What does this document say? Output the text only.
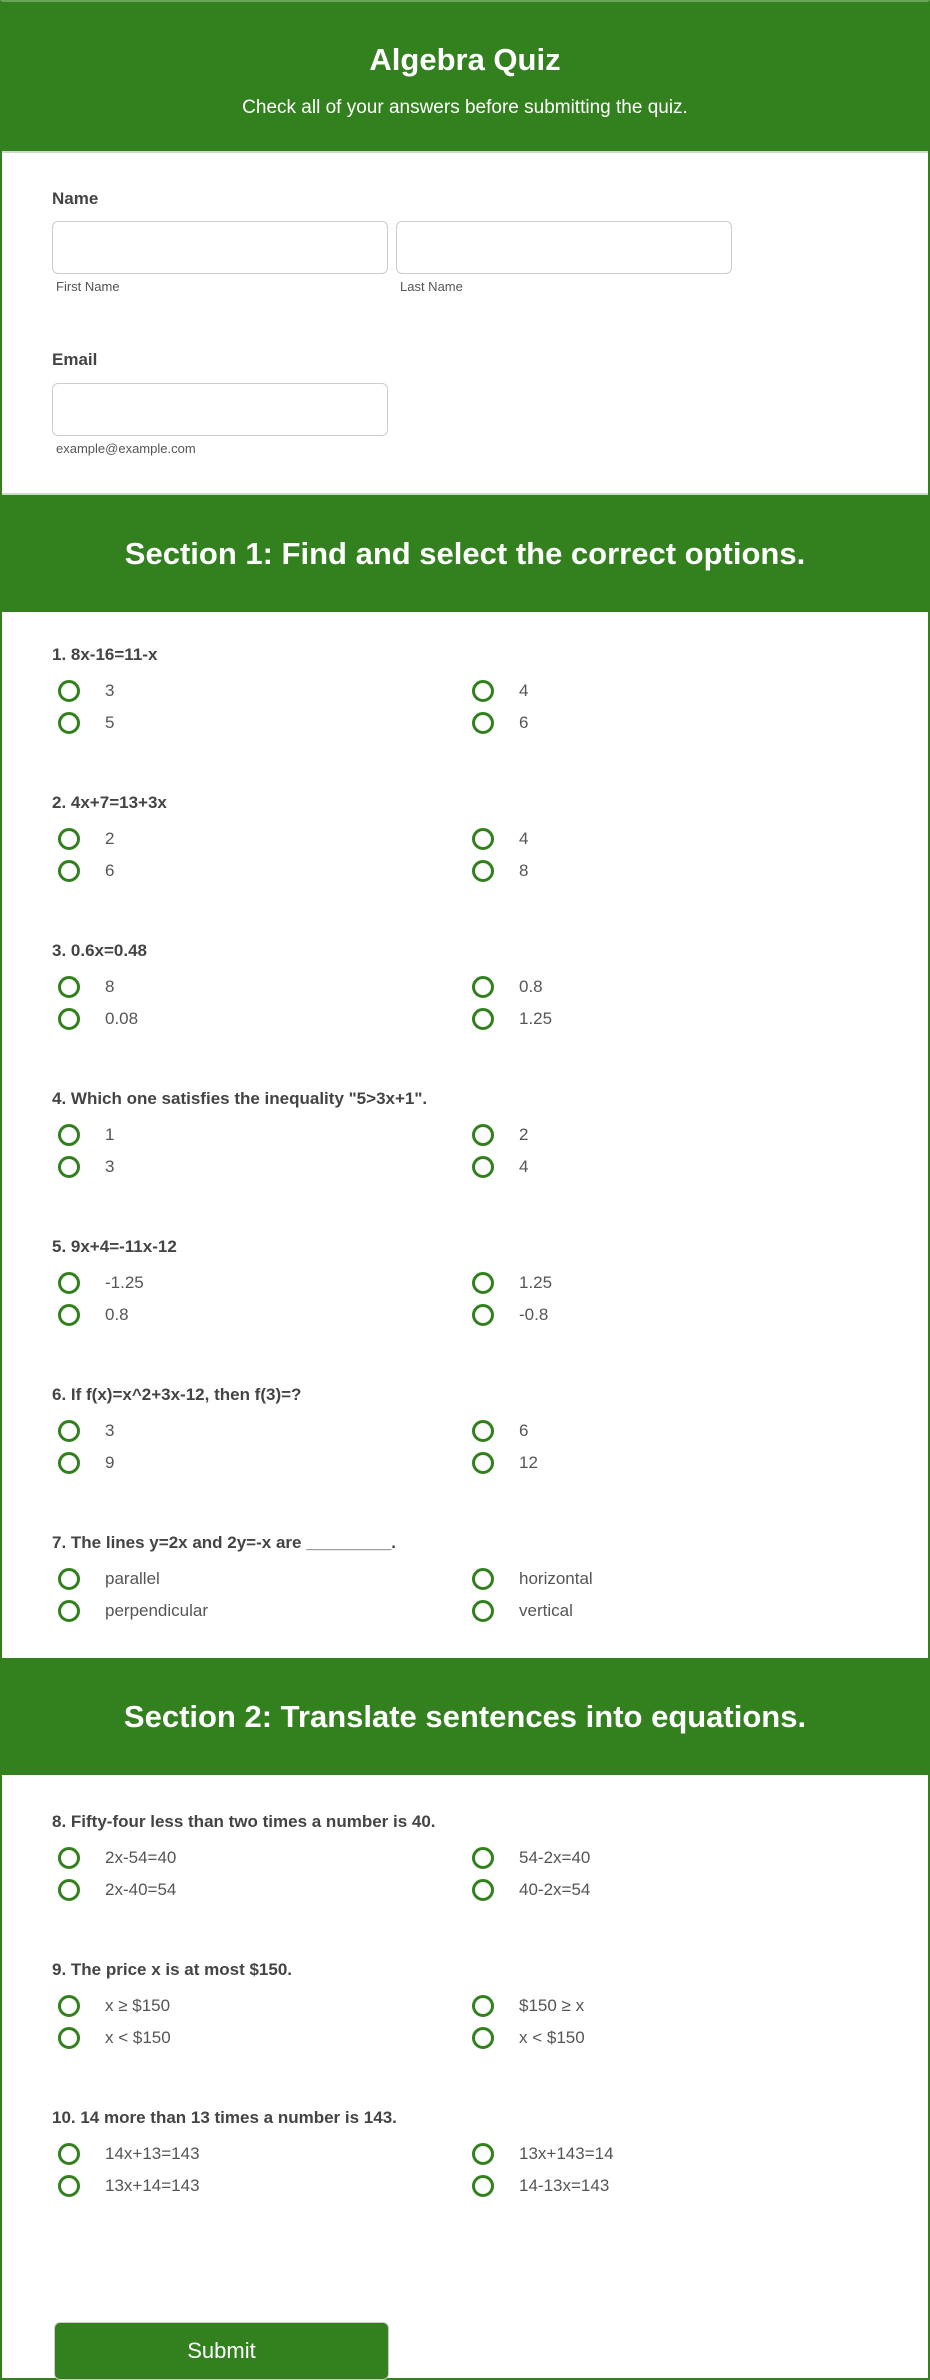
Algebra Quiz

Check all of your answers before submitting the quiz.

Name
First Name	Last Name
Email
example@example.com
Section 1: Find and select the correct options.
1. 8x-16=11-x
3	4
5	6
2. 4x+7=13+3x
2	4
6	8
3. 0.6x=0.48
8	0.8
0.08	1.25
4. Which one satisfies the inequality "5>3x+1".
1	2
3	4
5. 9x+4=-11x-12
-1.25	1.25
0.8	-0.8
6. If f(x)=x^2+3x-12, then f(3)=?
3	6
9	12
7. The lines y=2x and 2y=-x are _________.
parallel	horizontal
perpendicular	vertical
Section 2: Translate sentences into equations.
8. Fifty-four less than two times a number is 40.
2x-54=40	54-2x=40
2x-40=54	40-2x=54
9. The price x is at most $150.
x ≥ $150	$150 ≥ x
x < $150	x < $150
10. 14 more than 13 times a number is 143.
14x+13=143	13x+143=14
13x+14=143	14-13x=143
Submit
